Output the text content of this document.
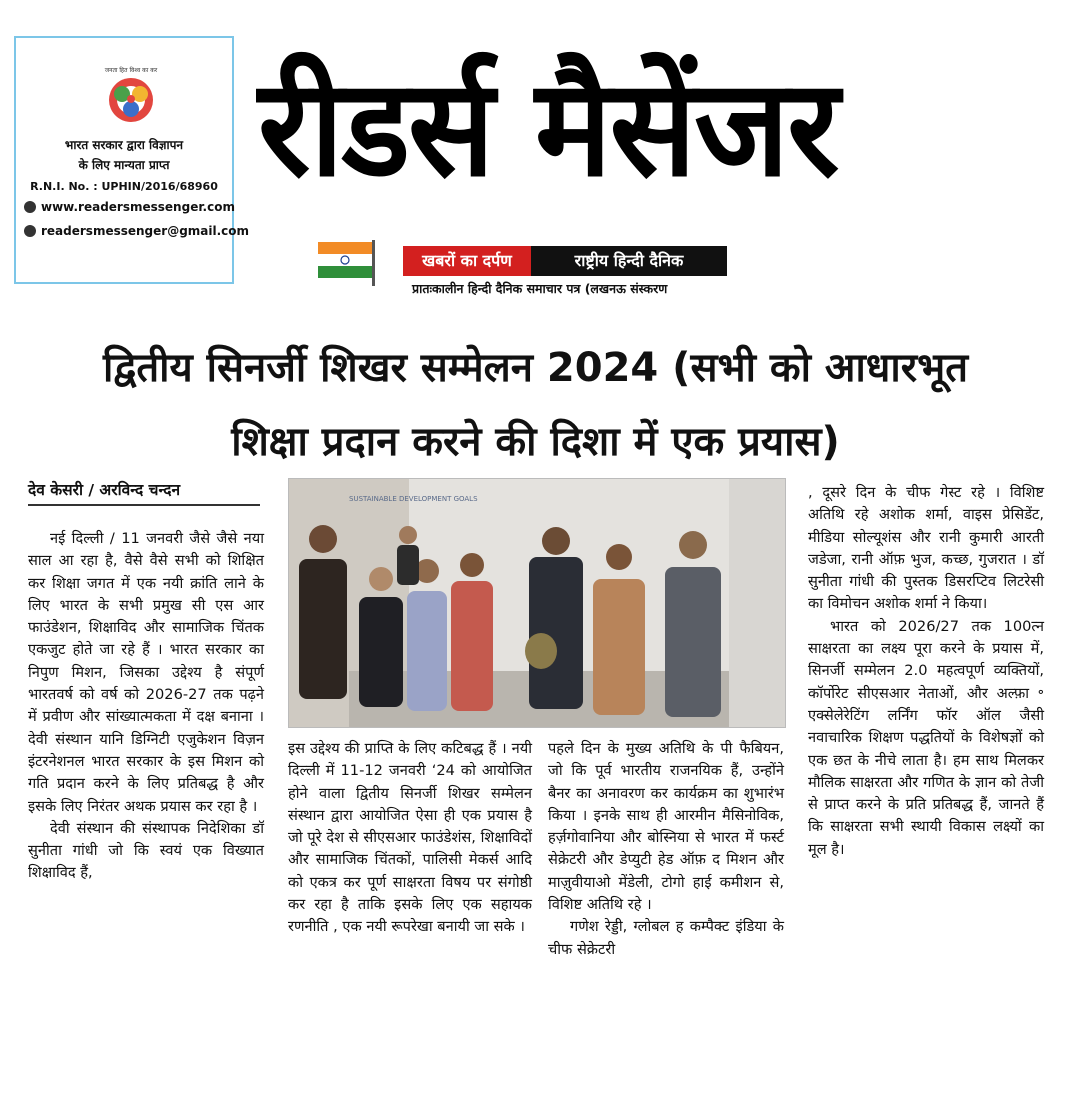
जनता हित विश्व का कर
भारत सरकार द्वारा विज्ञापन
के लिए मान्यता प्राप्त
R.N.I. No. : UPHIN/2016/68960
www.readersmessenger.com
readersmessenger@gmail.com
रीडर्स मैसेंजर
खबरों का दर्पण	राष्ट्रीय हिन्दी दैनिक
प्रातःकालीन हिन्दी दैनिक समाचार पत्र (लखनऊ संस्करण
द्वितीय सिनर्जी शिखर सम्मेलन 2024 (सभी को आधारभूत
शिक्षा प्रदान करने की दिशा में एक प्रयास)
देव केसरी / अरविन्द चन्दन

नई दिल्ली / 11 जनवरी जैसे जैसे नया साल आ रहा है, वैसे वैसे सभी को शिक्षित कर शिक्षा जगत में एक नयी क्रांति लाने के लिए भारत के सभी प्रमुख सी एस आर फाउंडेशन, शिक्षाविद और सामाजिक चिंतक एकजुट होते जा रहे हैं । भारत सरकार का निपुण मिशन, जिसका उद्देश्य है संपूर्ण भारतवर्ष को वर्ष को 2026-27 तक पढ़ने में प्रवीण और सांख्यात्मकता में दक्ष बनाना । देवी संस्थान यानि डिग्निटी एजुकेशन विज़न इंटरनेशनल भारत सरकार के इस मिशन को गति प्रदान करने के लिए प्रतिबद्ध है और इसके लिए निरंतर अथक प्रयास कर रहा है ।

देवी संस्थान की संस्थापक निदेशिका डॉ सुनीता गांधी जो कि स्वयं एक विख्यात शिक्षाविद हैं,

SUSTAINABLE DEVELOPMENT GOALS

इस उद्देश्य की प्राप्ति के लिए कटिबद्ध हैं । नयी दिल्ली में 11-12 जनवरी ‘24 को आयोजित होने वाला द्वितीय सिनर्जी शिखर सम्मेलन संस्थान द्वारा आयोजित ऐसा ही एक प्रयास है जो पूरे देश से सीएसआर फाउंडेशंस, शिक्षाविदों और सामाजिक चिंतकों, पालिसी मेकर्स आदि को एकत्र कर पूर्ण साक्षरता विषय पर संगोष्ठी कर रहा है ताकि इसके लिए एक सहायक रणनीति , एक नयी रूपरेखा बनायी जा सके ।

पहले दिन के मुख्य अतिथि के पी फैबियन, जो कि पूर्व भारतीय राजनयिक हैं, उन्होंने बैनर का अनावरण कर कार्यक्रम का शुभारंभ किया । इनके साथ ही आरमीन मैसिनोविक, हर्ज़गोवानिया और बोस्निया से भारत में फर्स्ट सेक्रेटरी और डेप्युटी हेड ऑफ़ द मिशन और माज़ुवीयाओ मेंडेली, टोगो हाई कमीशन से, विशिष्ट अतिथि रहे ।

गणेश रेड्डी, ग्लोबल ह कम्पैक्ट इंडिया के चीफ सेक्रेटरी

, दूसरे दिन के चीफ गेस्ट रहे । विशिष्ट अतिथि रहे अशोक शर्मा, वाइस प्रेसिडेंट, मीडिया सोल्यूशंस और रानी कुमारी आरती जडेजा, रानी ऑफ़ भुज, कच्छ, गुजरात । डॉ सुनीता गांधी की पुस्तक डिसरप्टिव लिटरेसी का विमोचन अशोक शर्मा ने किया।

भारत को 2026/27 तक 100त्न साक्षरता का लक्ष्य पूरा करने के प्रयास में, सिनर्जी सम्मेलन 2.0 महत्वपूर्ण व्यक्तियों, कॉर्पोरेट सीएसआर नेताओं, और अल्फ़ा ॰ एक्सेलेरेटिंग लर्निंग फॉर ऑल जैसी नवाचारिक शिक्षण पद्धतियों के विशेषज्ञों को एक छत के नीचे लाता है। हम साथ मिलकर मौलिक साक्षरता और गणित के ज्ञान को तेजी से प्राप्त करने के प्रति प्रतिबद्ध हैं, जानते हैं कि साक्षरता सभी स्थायी विकास लक्ष्यों का मूल है।
